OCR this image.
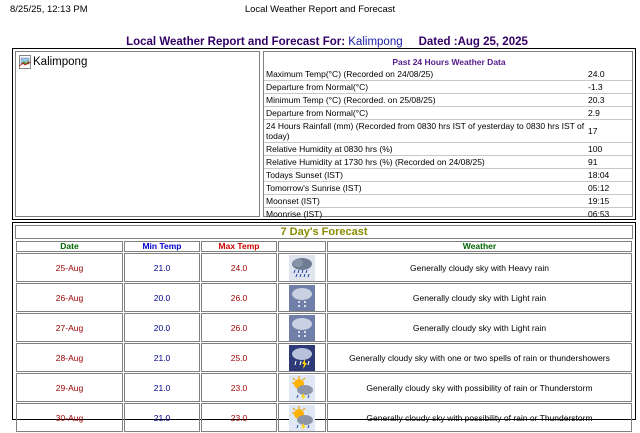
8/25/25, 12:13 PM	Local Weather Report and Forecast
Local Weather Report and Forecast For: Kalimpong Dated :Aug 25, 2025
Kalimpong	Past 24 Hours Weather Data
Maximum Temp(°C) (Recorded on 24/08/25)	24.0
Departure from Normal(°C)	-1.3
Minimum Temp (°C) (Recorded. on 25/08/25)	20.3
Departure from Normal(°C)	2.9
24 Hours Rainfall (mm) (Recorded from 0830 hrs IST of yesterday to 0830 hrs IST of today)	17
Relative Humidity at 0830 hrs (%)	100
Relative Humidity at 1730 hrs (%) (Recorded on 24/08/25)	91
Todays Sunset (IST)	18:04
Tomorrow's Sunrise (IST)	05:12
Moonset (IST)	19:15
Moonrise (IST)	06:53
7 Day's Forecast
Date	Min Temp	Max Temp		Weather
25-Aug	21.0	24.0		Generally cloudy sky with Heavy rain
26-Aug	20.0	26.0		Generally cloudy sky with Light rain
27-Aug	20.0	26.0		Generally cloudy sky with Light rain
28-Aug	21.0	25.0		Generally cloudy sky with one or two spells of rain or thundershowers
29-Aug	21.0	23.0		Generally cloudy sky with possibility of rain or Thunderstorm
30-Aug	21.0	23.0		Generally cloudy sky with possibility of rain or Thunderstorm
